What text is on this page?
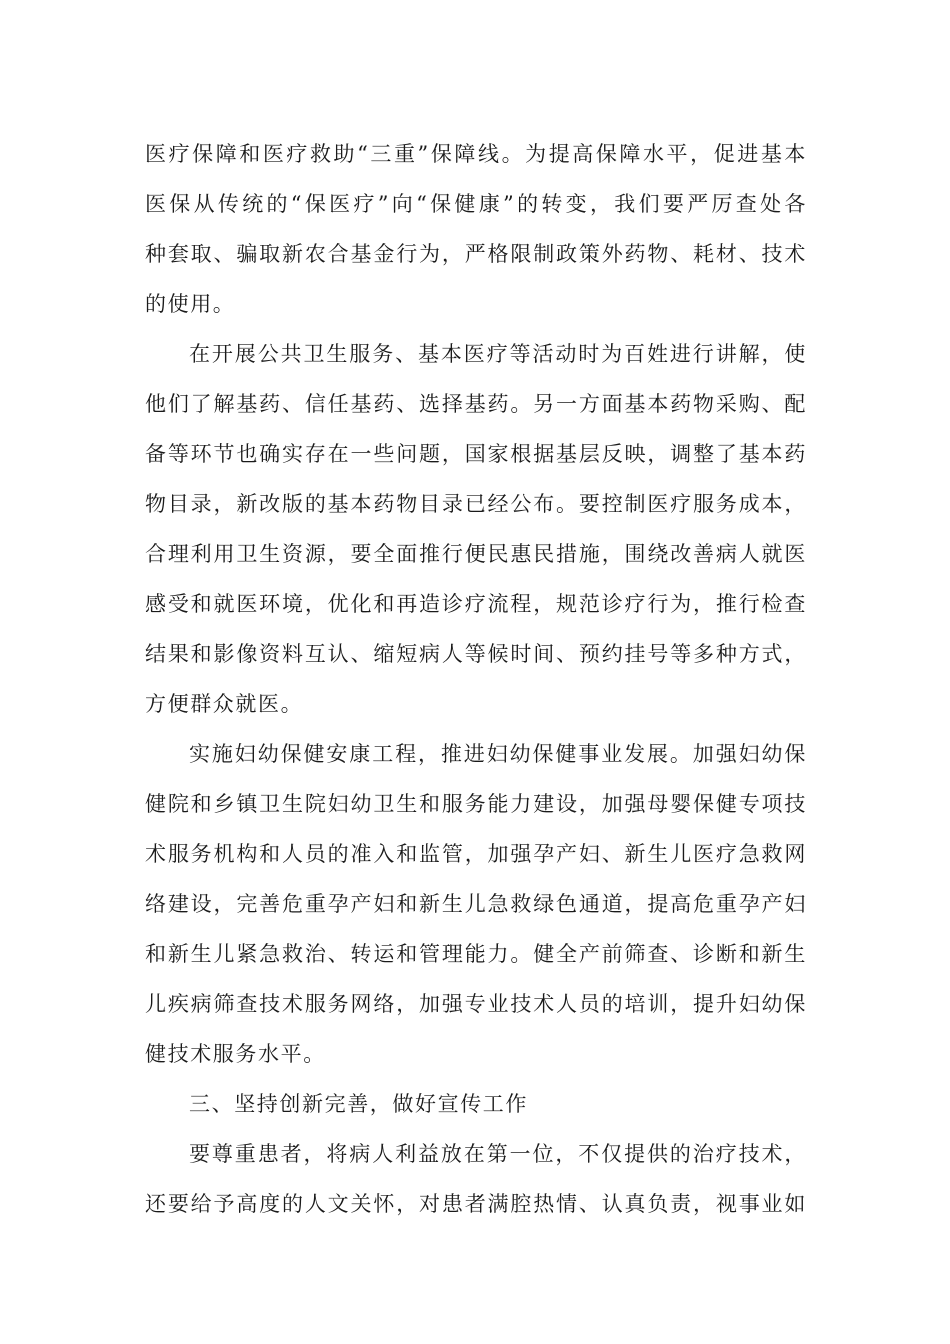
医疗保障和医疗救助“三重”保障线。为提高保障水平，促进基本
医保从传统的“保医疗”向“保健康”的转变，我们要严厉查处各
种套取、骗取新农合基金行为，严格限制政策外药物、耗材、技术
的使用。
在开展公共卫生服务、基本医疗等活动时为百姓进行讲解，使
他们了解基药、信任基药、选择基药。另一方面基本药物采购、配
备等环节也确实存在一些问题，国家根据基层反映，调整了基本药
物目录，新改版的基本药物目录已经公布。要控制医疗服务成本，
合理利用卫生资源，要全面推行便民惠民措施，围绕改善病人就医
感受和就医环境，优化和再造诊疗流程，规范诊疗行为，推行检查
结果和影像资料互认、缩短病人等候时间、预约挂号等多种方式，
方便群众就医。
实施妇幼保健安康工程，推进妇幼保健事业发展。加强妇幼保
健院和乡镇卫生院妇幼卫生和服务能力建设，加强母婴保健专项技
术服务机构和人员的准入和监管，加强孕产妇、新生儿医疗急救网
络建设，完善危重孕产妇和新生儿急救绿色通道，提高危重孕产妇
和新生儿紧急救治、转运和管理能力。健全产前筛查、诊断和新生
儿疾病筛查技术服务网络，加强专业技术人员的培训，提升妇幼保
健技术服务水平。
三、坚持创新完善，做好宣传工作
要尊重患者，将病人利益放在第一位，不仅提供的治疗技术，
还要给予高度的人文关怀，对患者满腔热情、认真负责，视事业如
